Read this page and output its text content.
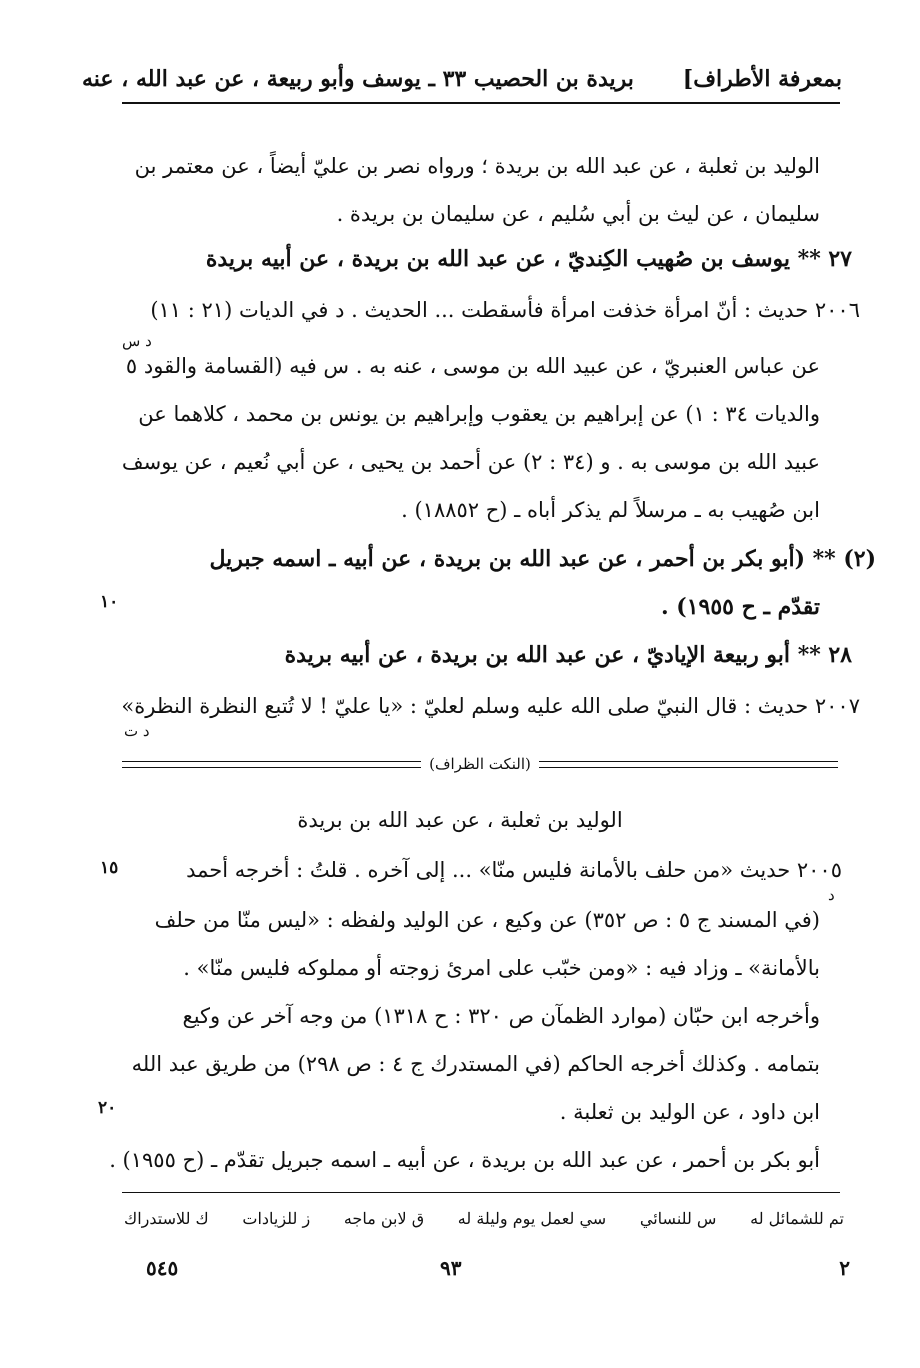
بمعرفة الأطراف]
بريدة بن الحصيب ٣٣ ـ يوسف وأبو ربيعة ، عن عبد الله ، عنه
الوليد بن ثعلبة ، عن عبد الله بن بريدة ؛ ورواه نصر بن عليّ أيضاً ، عن معتمر بن
سليمان ، عن ليث بن أبي سُليم ، عن سليمان بن بريدة .
٢٧ ** يوسف بن صُهيب الكِنديّ ، عن عبد الله بن بريدة ، عن أبيه بريدة
٢٠٠٦ حديث : أنّ امرأة خذفت امرأة فأسقطت ... الحديث . د في الديات (٢١ : ١١)
د س
عن عباس العنبريّ ، عن عبيد الله بن موسى ، عنه به . س فيه (القسامة والقود ٥
والديات ٣٤ : ١) عن إبراهيم بن يعقوب وإبراهيم بن يونس بن محمد ، كلاهما عن
عبيد الله بن موسى به . و (٣٤ : ٢) عن أحمد بن يحيى ، عن أبي نُعيم ، عن يوسف
ابن صُهيب به ـ مرسلاً لم يذكر أباه ـ (ح ١٨٨٥٢) .
(٢) ** (أبو بكر بن أحمر ، عن عبد الله بن بريدة ، عن أبيه ـ اسمه جبريل
تقدّم ـ ح ١٩٥٥) .
١٠
٢٨ ** أبو ربيعة الإياديّ ، عن عبد الله بن بريدة ، عن أبيه بريدة
٢٠٠٧ حديث : قال النبيّ صلى الله عليه وسلم لعليّ : «يا عليّ ! لا تُتبع النظرة النظرة»
د ت
(النكت الظراف)
الوليد بن ثعلبة ، عن عبد الله بن بريدة
٢٠٠٥ حديث «من حلف بالأمانة فليس منّا» ... إلى آخره . قلتُ : أخرجه أحمد
١٥
د
(في المسند ج ٥ : ص ٣٥٢) عن وكيع ، عن الوليد ولفظه : «ليس منّا من حلف
بالأمانة» ـ وزاد فيه : «ومن خبّب على امرئ زوجته أو مملوكه فليس منّا» .
وأخرجه ابن حبّان (موارد الظمآن ص ٣٢٠ : ح ١٣١٨) من وجه آخر عن وكيع
بتمامه . وكذلك أخرجه الحاكم (في المستدرك ج ٤ : ص ٢٩٨) من طريق عبد الله
ابن داود ، عن الوليد بن ثعلبة .
٢٠
أبو بكر بن أحمر ، عن عبد الله بن بريدة ، عن أبيه ـ اسمه جبريل تقدّم ـ (ح ١٩٥٥) .
تم للشمائل له
س للنسائي
سي لعمل يوم وليلة له
ق لابن ماجه
ز للزيادات
ك للاستدراك
٢
٩٣
٥٤٥
